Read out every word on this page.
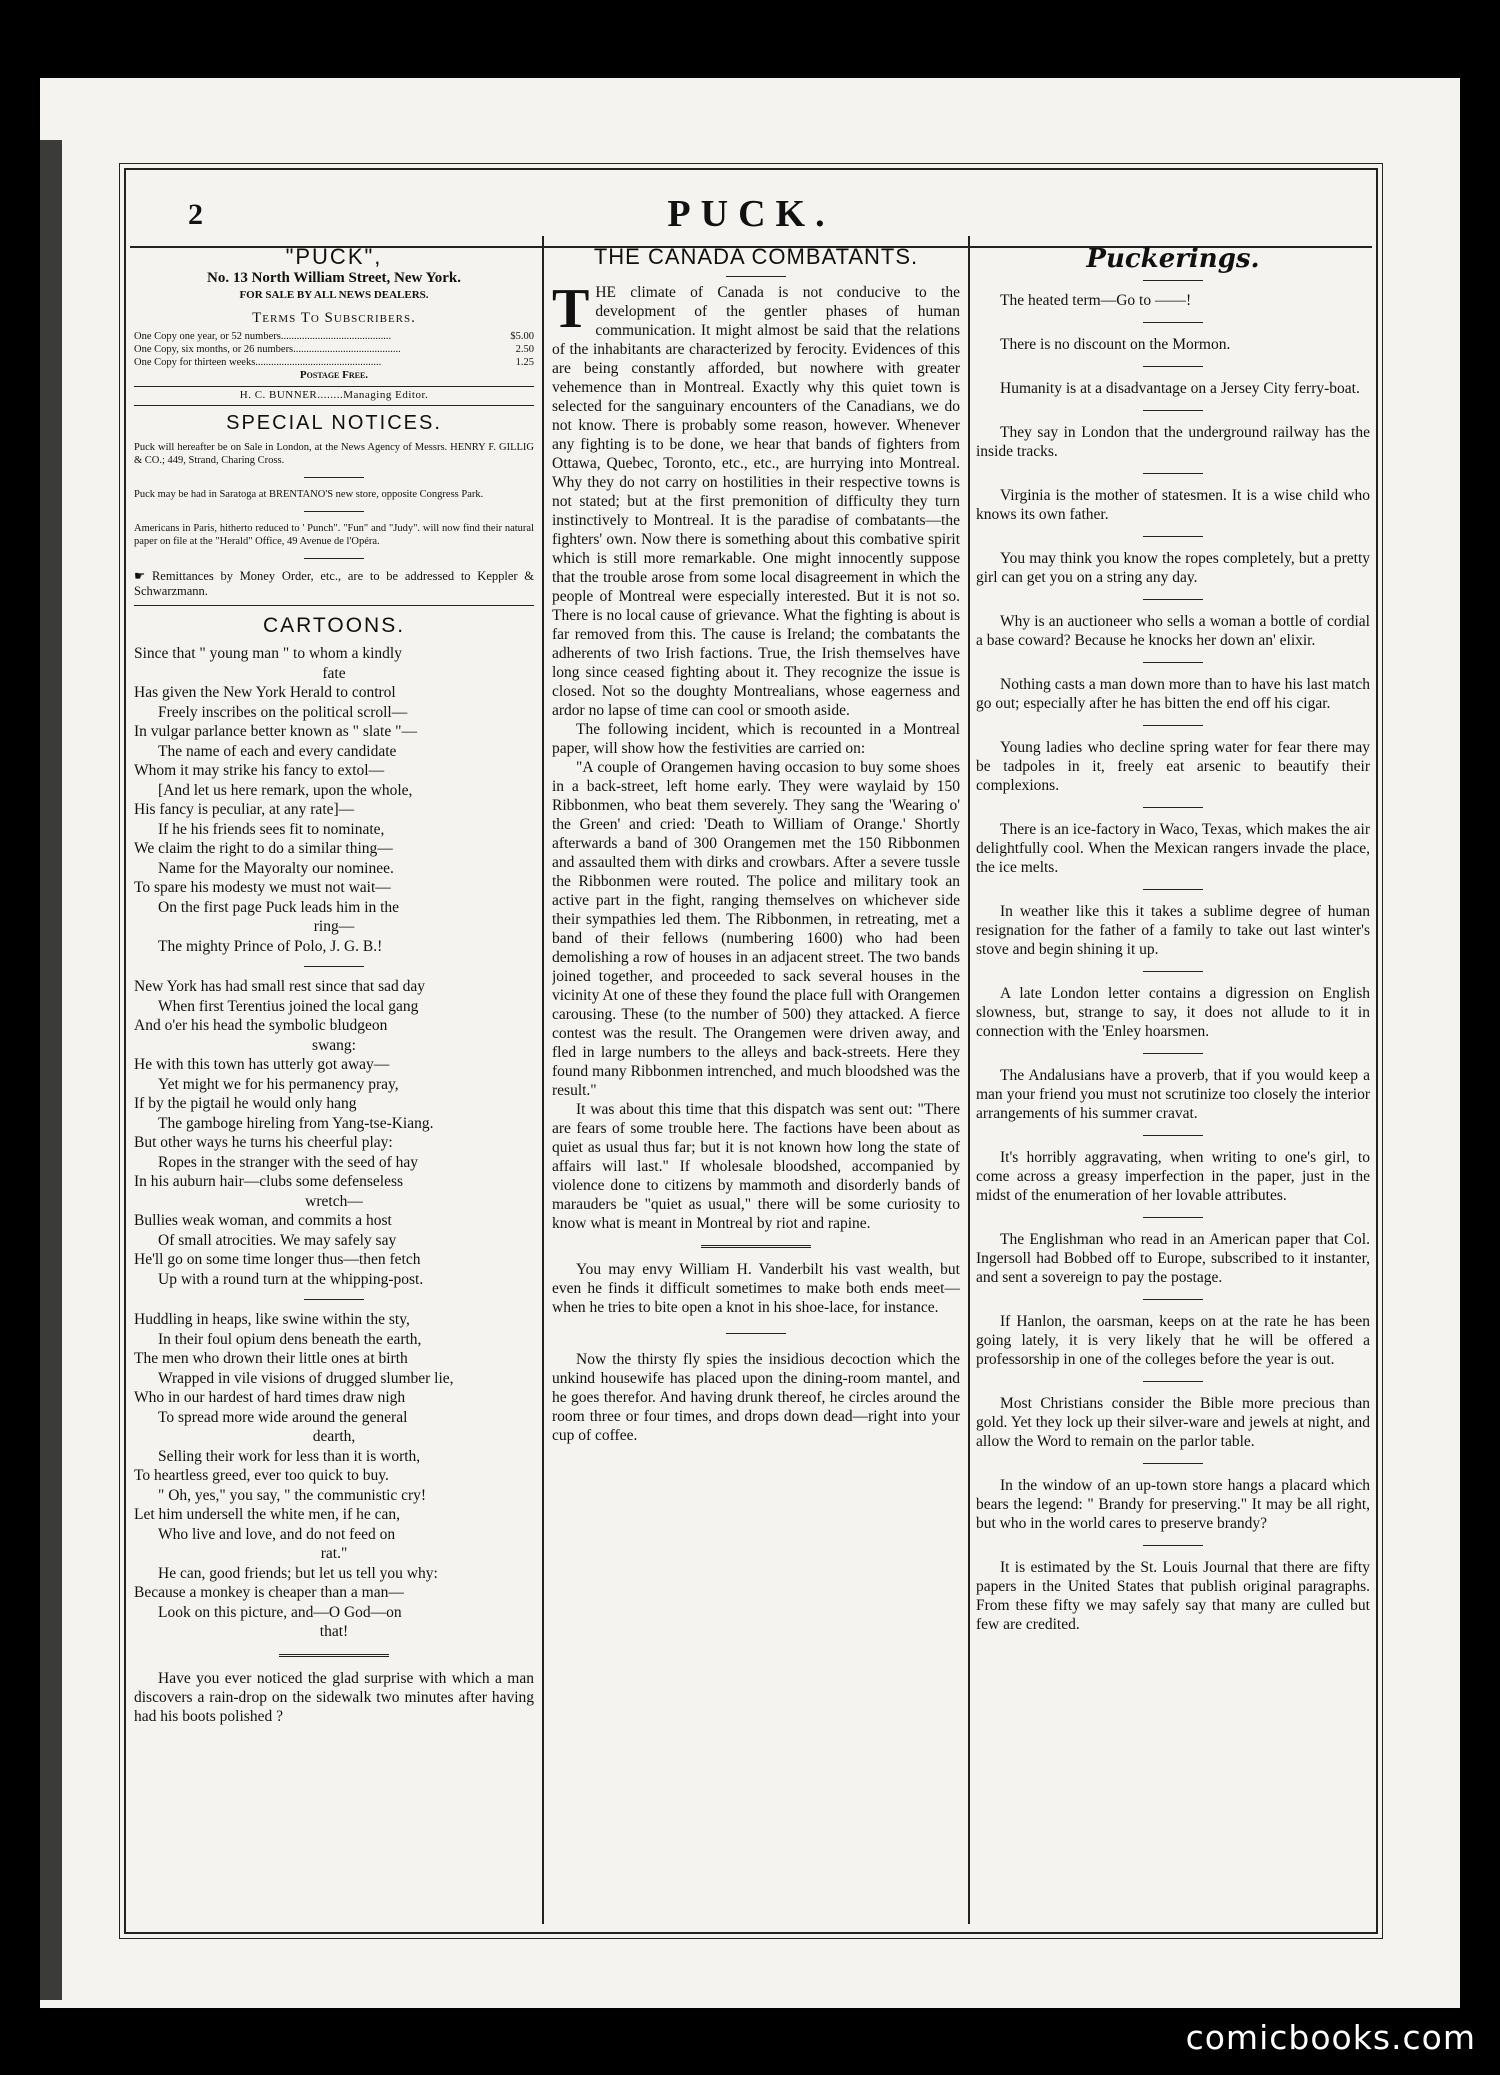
2	PUCK.
"PUCK",
No. 13 North William Street, New York.
FOR SALE BY ALL NEWS DEALERS.
Terms To Subscribers.
One Copy one year, or 52 numbers..........................................	$5.00
One Copy, six months, or 26 numbers.........................................	2.50
One Copy for thirteen weeks................................................	1.25
Postage Free.
H. C. BUNNER........Managing Editor.
SPECIAL NOTICES.
Puck will hereafter be on Sale in London, at the News Agency of Messrs. HENRY F. GILLIG & CO.; 449, Strand, Charing Cross.
Puck may be had in Saratoga at BRENTANO'S new store, opposite Congress Park.
Americans in Paris, hitherto reduced to ' Punch". "Fun" and "Judy". will now find their natural paper on file at the "Herald" Office, 49 Avenue de l'Opéra.
☛ Remittances by Money Order, etc., are to be addressed to Keppler & Schwarzmann.
CARTOONS.
Since that " young man " to whom a kindly
fate
Has given the New York Herald to control
Freely inscribes on the political scroll—
In vulgar parlance better known as " slate "—
The name of each and every candidate
Whom it may strike his fancy to extol—
[And let us here remark, upon the whole,
His fancy is peculiar, at any rate]—
If he his friends sees fit to nominate,
We claim the right to do a similar thing—
Name for the Mayoralty our nominee.
To spare his modesty we must not wait—
On the first page Puck leads him in the
ring—
The mighty Prince of Polo, J. G. B.!
New York has had small rest since that sad day
When first Terentius joined the local gang
And o'er his head the symbolic bludgeon
swang:
He with this town has utterly got away—
Yet might we for his permanency pray,
If by the pigtail he would only hang
The gamboge hireling from Yang-tse-Kiang.
But other ways he turns his cheerful play:
Ropes in the stranger with the seed of hay
In his auburn hair—clubs some defenseless
wretch—
Bullies weak woman, and commits a host
Of small atrocities. We may safely say
He'll go on some time longer thus—then fetch
Up with a round turn at the whipping-post.
Huddling in heaps, like swine within the sty,
In their foul opium dens beneath the earth,
The men who drown their little ones at birth
Wrapped in vile visions of drugged slumber lie,
Who in our hardest of hard times draw nigh
To spread more wide around the general
dearth,
Selling their work for less than it is worth,
To heartless greed, ever too quick to buy.
" Oh, yes," you say, " the communistic cry!
Let him undersell the white men, if he can,
Who live and love, and do not feed on
rat."
He can, good friends; but let us tell you why:
Because a monkey is cheaper than a man—
Look on this picture, and—O God—on
that!
Have you ever noticed the glad surprise with which a man discovers a rain-drop on the sidewalk two minutes after having had his boots polished ?
THE CANADA COMBATANTS.
T HE climate of Canada is not conducive to the development of the gentler phases of human communication. It might almost be said that the relations of the inhabitants are characterized by ferocity. Evidences of this are being constantly afforded, but nowhere with greater vehemence than in Montreal. Exactly why this quiet town is selected for the sanguinary encounters of the Canadians, we do not know. There is probably some reason, however. Whenever any fighting is to be done, we hear that bands of fighters from Ottawa, Quebec, Toronto, etc., etc., are hurrying into Montreal. Why they do not carry on hostilities in their respective towns is not stated; but at the first premonition of difficulty they turn instinctively to Montreal. It is the paradise of combatants—the fighters' own. Now there is something about this combative spirit which is still more remarkable. One might innocently suppose that the trouble arose from some local disagreement in which the people of Montreal were especially interested. But it is not so. There is no local cause of grievance. What the fighting is about is far removed from this. The cause is Ireland; the combatants the adherents of two Irish factions. True, the Irish themselves have long since ceased fighting about it. They recognize the issue is closed. Not so the doughty Montrealians, whose eagerness and ardor no lapse of time can cool or smooth aside.
The following incident, which is recounted in a Montreal paper, will show how the festivities are carried on:
"A couple of Orangemen having occasion to buy some shoes in a back-street, left home early. They were waylaid by 150 Ribbonmen, who beat them severely. They sang the 'Wearing o' the Green' and cried: 'Death to William of Orange.' Shortly afterwards a band of 300 Orangemen met the 150 Ribbonmen and assaulted them with dirks and crowbars. After a severe tussle the Ribbonmen were routed. The police and military took an active part in the fight, ranging themselves on whichever side their sympathies led them. The Ribbonmen, in retreating, met a band of their fellows (numbering 1600) who had been demolishing a row of houses in an adjacent street. The two bands joined together, and proceeded to sack several houses in the vicinity At one of these they found the place full with Orangemen carousing. These (to the number of 500) they attacked. A fierce contest was the result. The Orangemen were driven away, and fled in large numbers to the alleys and back-streets. Here they found many Ribbonmen intrenched, and much bloodshed was the result."
It was about this time that this dispatch was sent out: "There are fears of some trouble here. The factions have been about as quiet as usual thus far; but it is not known how long the state of affairs will last." If wholesale bloodshed, accompanied by violence done to citizens by mammoth and disorderly bands of marauders be "quiet as usual," there will be some curiosity to know what is meant in Montreal by riot and rapine.
You may envy William H. Vanderbilt his vast wealth, but even he finds it difficult sometimes to make both ends meet—when he tries to bite open a knot in his shoe-lace, for instance.
Now the thirsty fly spies the insidious decoction which the unkind housewife has placed upon the dining-room mantel, and he goes therefor. And having drunk thereof, he circles around the room three or four times, and drops down dead—right into your cup of coffee.
Puckerings.
The heated term—Go to ——!
There is no discount on the Mormon.
Humanity is at a disadvantage on a Jersey City ferry-boat.
They say in London that the underground railway has the inside tracks.
Virginia is the mother of statesmen. It is a wise child who knows its own father.
You may think you know the ropes completely, but a pretty girl can get you on a string any day.
Why is an auctioneer who sells a woman a bottle of cordial a base coward? Because he knocks her down an' elixir.
Nothing casts a man down more than to have his last match go out; especially after he has bitten the end off his cigar.
Young ladies who decline spring water for fear there may be tadpoles in it, freely eat arsenic to beautify their complexions.
There is an ice-factory in Waco, Texas, which makes the air delightfully cool. When the Mexican rangers invade the place, the ice melts.
In weather like this it takes a sublime degree of human resignation for the father of a family to take out last winter's stove and begin shining it up.
A late London letter contains a digression on English slowness, but, strange to say, it does not allude to it in connection with the 'Enley hoarsmen.
The Andalusians have a proverb, that if you would keep a man your friend you must not scrutinize too closely the interior arrangements of his summer cravat.
It's horribly aggravating, when writing to one's girl, to come across a greasy imperfection in the paper, just in the midst of the enumeration of her lovable attributes.
The Englishman who read in an American paper that Col. Ingersoll had Bobbed off to Europe, subscribed to it instanter, and sent a sovereign to pay the postage.
If Hanlon, the oarsman, keeps on at the rate he has been going lately, it is very likely that he will be offered a professorship in one of the colleges before the year is out.
Most Christians consider the Bible more precious than gold. Yet they lock up their silver-ware and jewels at night, and allow the Word to remain on the parlor table.
In the window of an up-town store hangs a placard which bears the legend: " Brandy for preserving." It may be all right, but who in the world cares to preserve brandy?
It is estimated by the St. Louis Journal that there are fifty papers in the United States that publish original paragraphs. From these fifty we may safely say that many are culled but few are credited.
comicbooks.com
